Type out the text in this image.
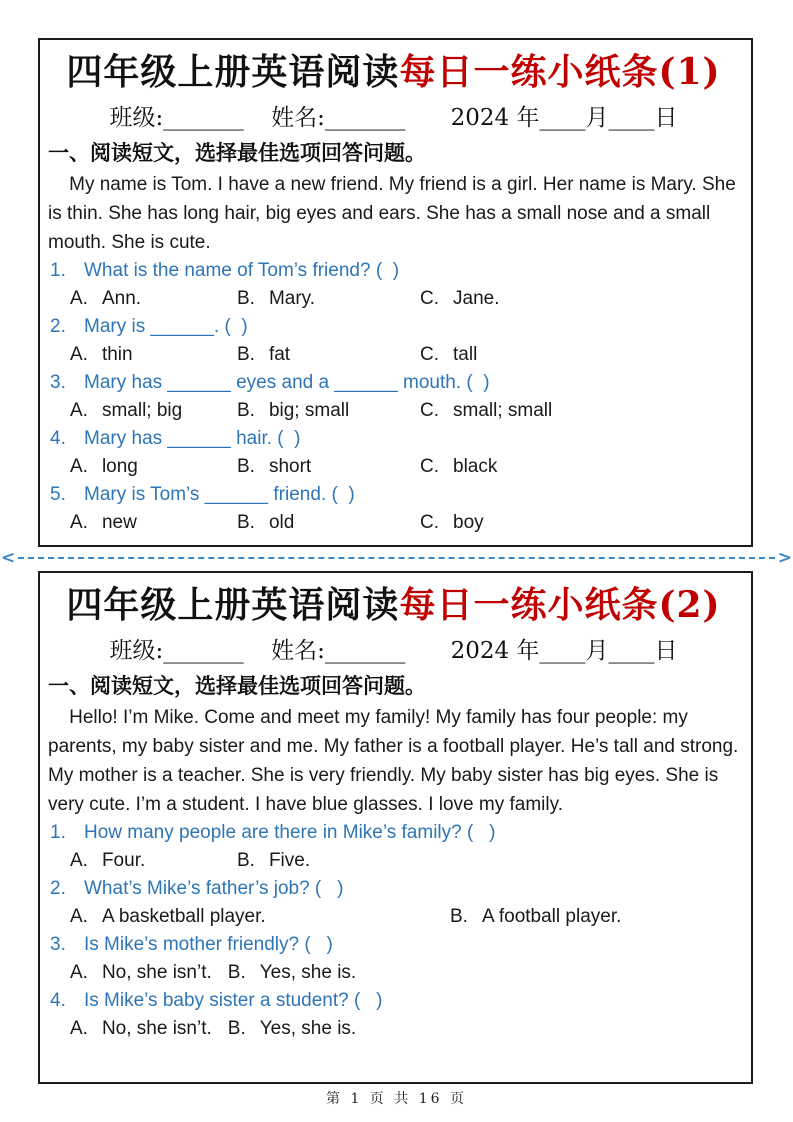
四年级上册英语阅读每日一练小纸条(1)
班级:_______ 姓名:_______ 2024 年____月____日
一、阅读短文，选择最佳选项回答问题。
My name is Tom. I have a new friend. My friend is a girl. Her name is Mary. She is thin. She has long hair, big eyes and ears. She has a small nose and a small mouth. She is cute.
1. What is the name of Tom’s friend? (  )
A. Ann.	B. Mary.	C. Jane.
2. Mary is ______. (  )
A. thin	B. fat	C. tall
3. Mary has ______ eyes and a ______ mouth. (  )
A. small; big	B. big; small	C. small; small
4. Mary has ______ hair. (  )
A. long	B. short	C. black
5. Mary is Tom’s ______ friend. (  )
A. new	B. old	C. boy
<	>
四年级上册英语阅读每日一练小纸条(2)
班级:_______ 姓名:_______ 2024 年____月____日
一、阅读短文，选择最佳选项回答问题。
Hello! I’m Mike. Come and meet my family! My family has four people: my parents, my baby sister and me. My father is a football player. He’s tall and strong. My mother is a teacher. She is very friendly. My baby sister has big eyes. She is very cute. I’m a student. I have blue glasses. I love my family.
1. How many people are there in Mike’s family? (   )
A. Four.	B. Five.
2. What’s Mike’s father’s job? (   )
A. A basketball player.	B. A football player.
3. Is Mike’s mother friendly? (   )
A. No, she isn’t. B. Yes, she is.
4. Is Mike’s baby sister a student? (   )
A. No, she isn’t. B. Yes, she is.
第 1 页 共 16 页
